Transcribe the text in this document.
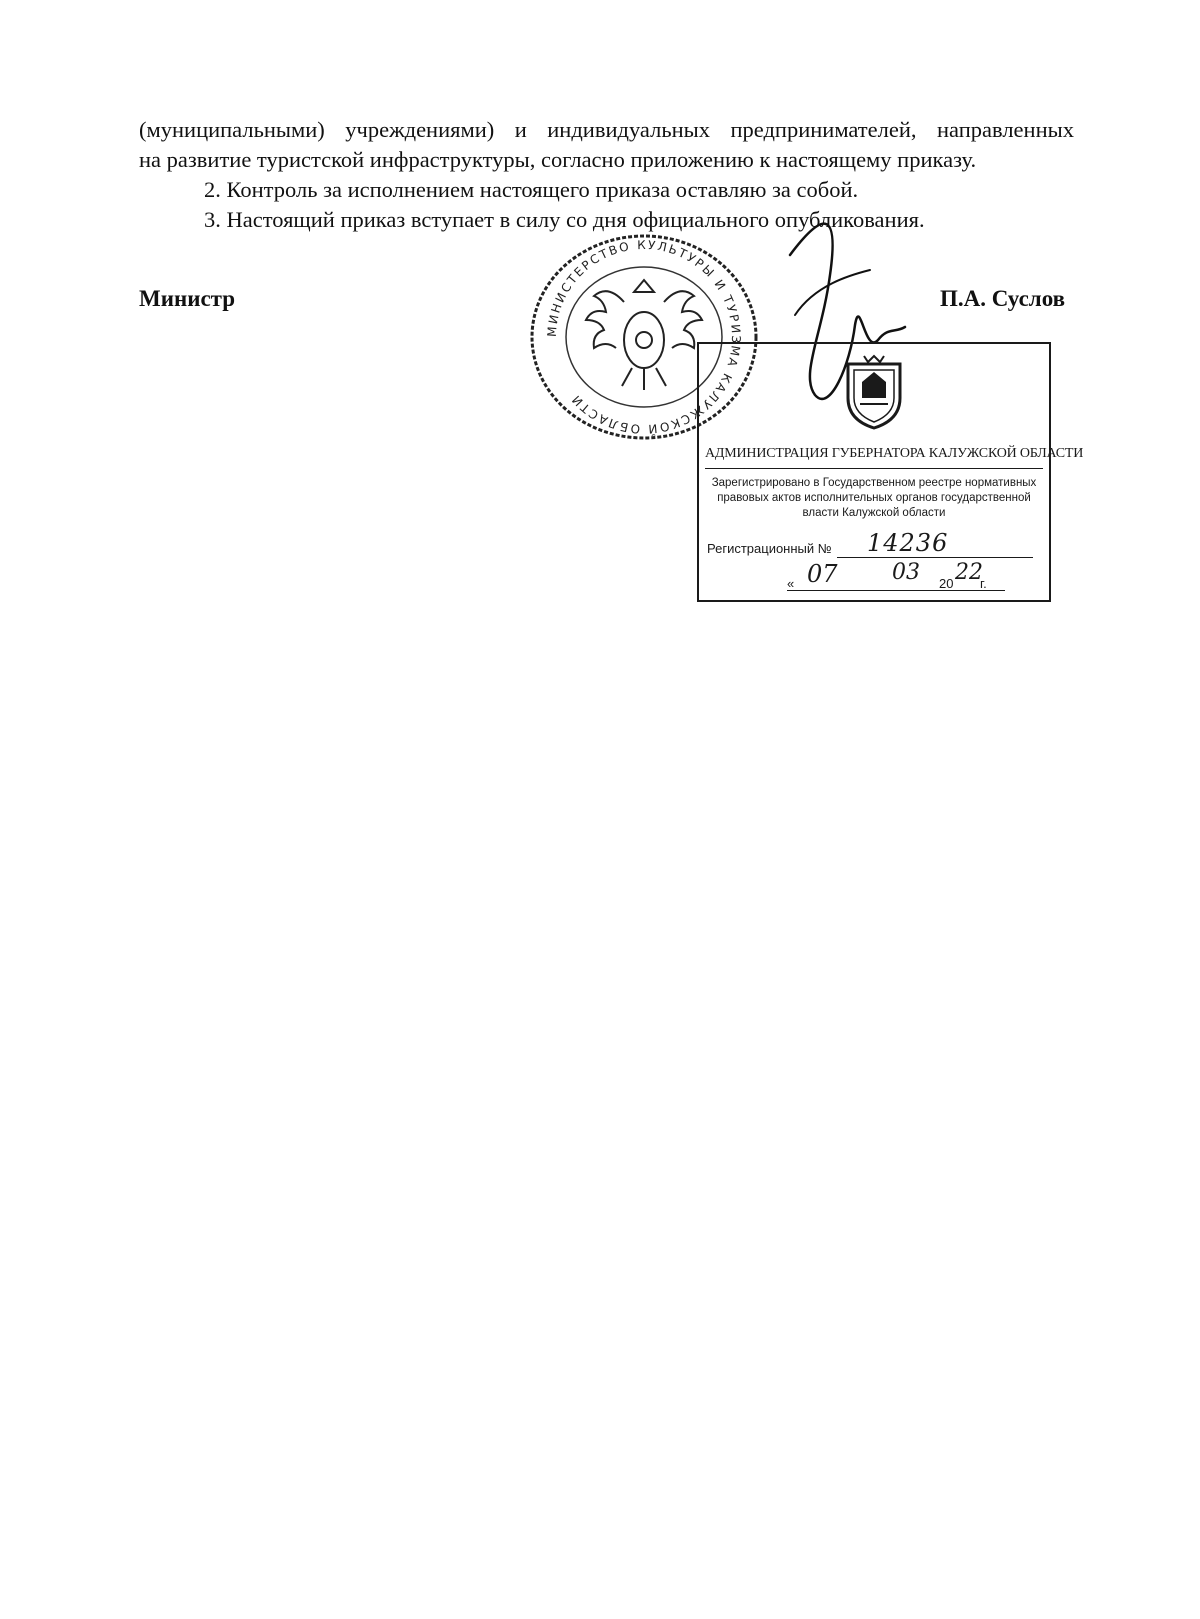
(муниципальными) учреждениями) и индивидуальных предпринимателей, направленных
на развитие туристской инфраструктуры, согласно приложению к настоящему приказу.

2. Контроль за исполнением настоящего приказа оставляю за собой.

3. Настоящий приказ вступает в силу со дня официального опубликования.

МИНИСТЕРСТВО КУЛЬТУРЫ И ТУРИЗМА КАЛУЖСКОЙ ОБЛАСТИ
Министр	П.А. Суслов
АДМИНИСТРАЦИЯ ГУБЕРНАТОРА КАЛУЖСКОЙ ОБЛАСТИ
Зарегистрировано в Государственном реестре нормативных правовых актов исполнительных органов государственной власти Калужской области
Регистрационный № 14236
« 07 03 20 22
г.
